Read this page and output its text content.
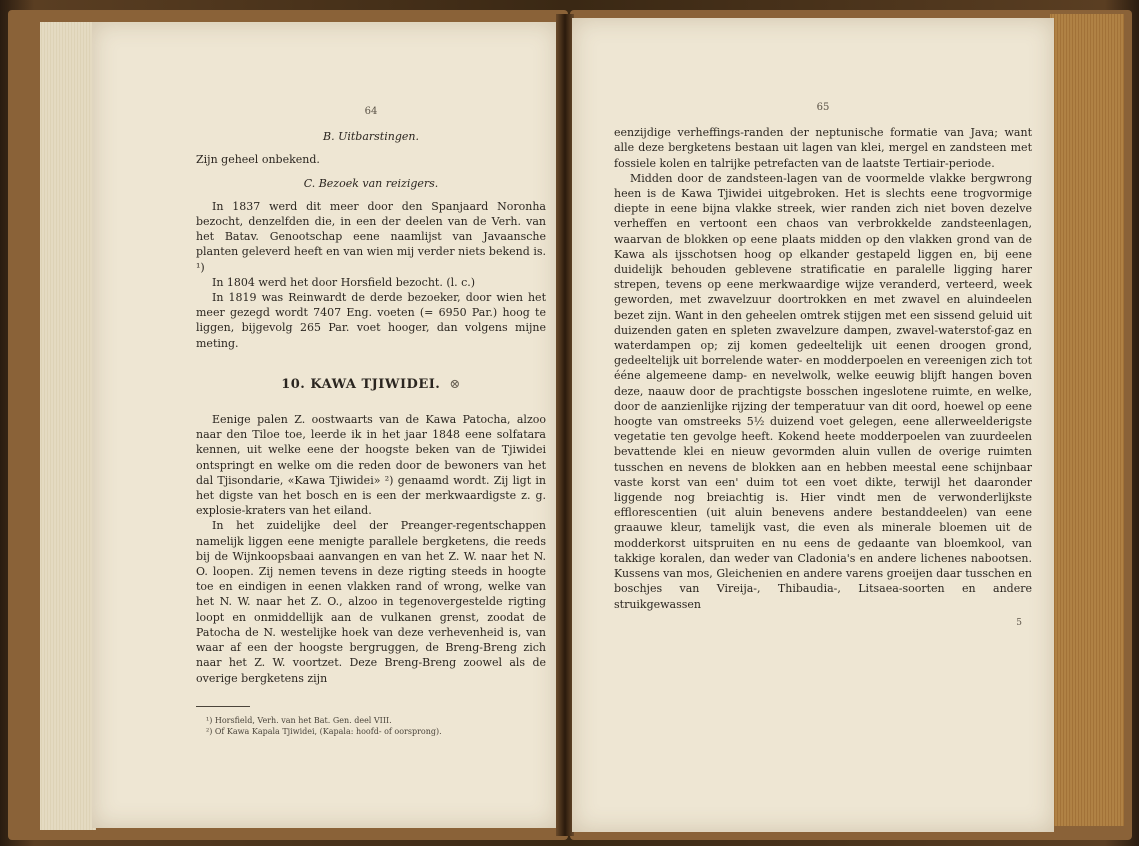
64
B. Uitbarstingen.

Zijn geheel onbekend.

C. Bezoek van reizigers.

In 1837 werd dit meer door den Spanjaard Noronha bezocht, denzelfden die, in een der deelen van de Verh. van het Batav. Genootschap eene naamlijst van Javaansche planten geleverd heeft en van wien mij verder niets bekend is. ¹)

In 1804 werd het door Horsfield bezocht. (l. c.)

In 1819 was Reinwardt de derde bezoeker, door wien het meer gezegd wordt 7407 Eng. voeten (= 6950 Par.) hoog te liggen, bijgevolg 265 Par. voet hooger, dan volgens mijne meting.

10. KAWA TJIWIDEI. ⊗

Eenige palen Z. oostwaarts van de Kawa Patocha, alzoo naar den Tiloe toe, leerde ik in het jaar 1848 eene solfatara kennen, uit welke eene der hoogste beken van de Tjiwidei ontspringt en welke om die reden door de bewoners van het dal Tjisondarie, «Kawa Tjiwidei» ²) genaamd wordt. Zij ligt in het digste van het bosch en is een der merkwaardigste z. g. explosie-kraters van het eiland.

In het zuidelijke deel der Preanger-regentschappen namelijk liggen eene menigte parallele bergketens, die reeds bij de Wijnkoopsbaai aanvangen en van het Z. W. naar het N. O. loopen. Zij nemen tevens in deze rigting steeds in hoogte toe en eindigen in eenen vlakken rand of wrong, welke van het N. W. naar het Z. O., alzoo in tegenovergestelde rigting loopt en onmiddellijk aan de vulkanen grenst, zoodat de Patocha de N. westelijke hoek van deze verhevenheid is, van waar af een der hoogste bergruggen, de Breng-Breng zich naar het Z. W. voortzet. Deze Breng-Breng zoowel als de overige bergketens zijn

¹) Horsfield, Verh. van het Bat. Gen. deel VIII.

²) Of Kawa Kapala Tjiwidei, (Kapala: hoofd- of oorsprong).

65

eenzijdige verheffings-randen der neptunische formatie van Java; want alle deze bergketens bestaan uit lagen van klei, mergel en zandsteen met fossiele kolen en talrijke petrefacten van de laatste Tertiair-periode.

Midden door de zandsteen-lagen van de voormelde vlakke bergwrong heen is de Kawa Tjiwidei uitgebroken. Het is slechts eene trogvormige diepte in eene bijna vlakke streek, wier randen zich niet boven dezelve verheffen en vertoont een chaos van verbrokkelde zandsteenlagen, waarvan de blokken op eene plaats midden op den vlakken grond van de Kawa als ijsschotsen hoog op elkander gestapeld liggen en, bij eene duidelijk behouden geblevene stratificatie en paralelle ligging harer strepen, tevens op eene merkwaardige wijze veranderd, verteerd, week geworden, met zwavelzuur doortrokken en met zwavel en aluindeelen bezet zijn. Want in den geheelen omtrek stijgen met een sissend geluid uit duizenden gaten en spleten zwavelzure dampen, zwavel-waterstof-gaz en waterdampen op; zij komen gedeeltelijk uit eenen droogen grond, gedeeltelijk uit borrelende water- en modderpoelen en vereenigen zich tot ééne algemeene damp- en nevelwolk, welke eeuwig blijft hangen boven deze, naauw door de prachtigste bosschen ingeslotene ruimte, en welke, door de aanzienlijke rijzing der temperatuur van dit oord, hoewel op eene hoogte van omstreeks 5½ duizend voet gelegen, eene allerweelderigste vegetatie ten gevolge heeft. Kokend heete modderpoelen van zuurdeelen bevattende klei en nieuw gevormden aluin vullen de overige ruimten tusschen en nevens de blokken aan en hebben meestal eene schijnbaar vaste korst van een' duim tot een voet dikte, terwijl het daaronder liggende nog breiachtig is. Hier vindt men de verwonderlijkste efflorescentien (uit aluin benevens andere bestanddeelen) van eene graauwe kleur, tamelijk vast, die even als minerale bloemen uit de modderkorst uitspruiten en nu eens de gedaante van bloemkool, van takkige koralen, dan weder van Cladonia's en andere lichenes nabootsen. Kussens van mos, Gleichenien en andere varens groeijen daar tusschen en boschjes van Vireija-, Thibaudia-, Litsaea-soorten en andere struikgewassen

5
